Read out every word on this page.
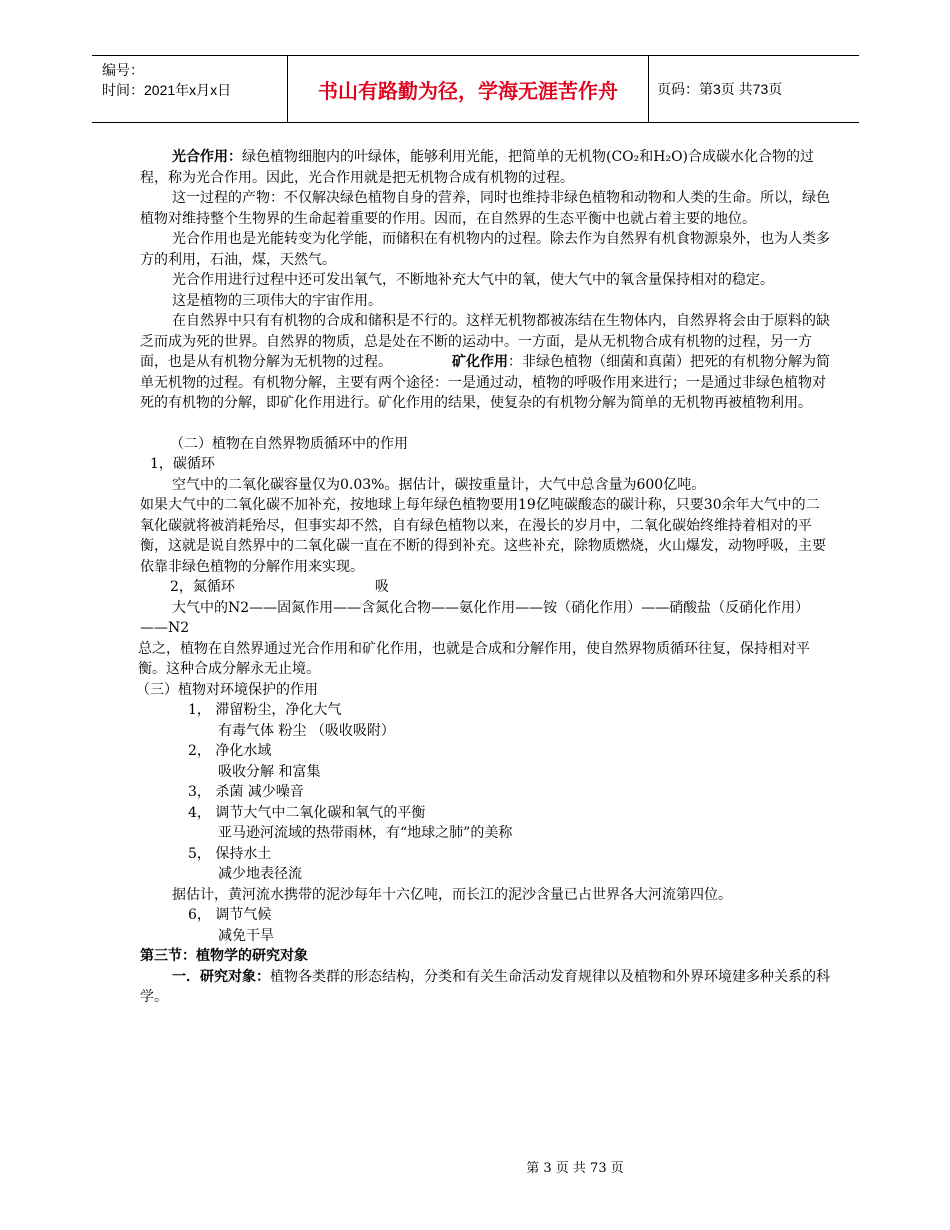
编号：
时间：2021年x月x日	书山有路勤为径，学海无涯苦作舟	页码：第3页 共73页

光合作用：绿色植物细胞内的叶绿体，能够利用光能，把简单的无机物(CO₂和H₂O)合成碳水化合物的过程，称为光合作用。因此，光合作用就是把无机物合成有机物的过程。

这一过程的产物：不仅解决绿色植物自身的营养，同时也维持非绿色植物和动物和人类的生命。所以，绿色植物对维持整个生物界的生命起着重要的作用。因而，在自然界的生态平衡中也就占着主要的地位。

光合作用也是光能转变为化学能，而储积在有机物内的过程。除去作为自然界有机食物源泉外，也为人类多方的利用，石油，煤，天然气。

光合作用进行过程中还可发出氧气，不断地补充大气中的氧，使大气中的氧含量保持相对的稳定。

这是植物的三项伟大的宇宙作用。

在自然界中只有有机物的合成和储积是不行的。这样无机物都被冻结在生物体内，自然界将会由于原料的缺乏而成为死的世界。自然界的物质，总是处在不断的运动中。一方面，是从无机物合成有机物的过程，另一方面，也是从有机物分解为无机物的过程。	矿化作用：非绿色植物（细菌和真菌）把死的有机物分解为简单无机物的过程。有机物分解，主要有两个途径：一是通过动，植物的呼吸作用来进行；一是通过非绿色植物对死的有机物的分解，即矿化作用进行。矿化作用的结果，使复杂的有机物分解为简单的无机物再被植物利用。

（二）植物在自然界物质循环中的作用

1，碳循环

空气中的二氧化碳容量仅为0.03%。据估计，碳按重量计，大气中总含量为600亿吨。

如果大气中的二氧化碳不加补充，按地球上每年绿色植物要用19亿吨碳酸态的碳计称，只要30余年大气中的二氧化碳就将被消耗殆尽，但事实却不然，自有绿色植物以来，在漫长的岁月中，二氧化碳始终维持着相对的平衡，这就是说自然界中的二氧化碳一直在不断的得到补充。这些补充，除物质燃烧，火山爆发，动物呼吸，主要依靠非绿色植物的分解作用来实现。

2，氮循环	吸

大气中的N2——固氮作用——含氮化合物——氨化作用——铵（硝化作用）——硝酸盐（反硝化作用）——N2

总之，植物在自然界通过光合作用和矿化作用，也就是合成和分解作用，使自然界物质循环往复，保持相对平衡。这种合成分解永无止境。

（三）植物对环境保护的作用

1， 滞留粉尘，净化大气

有毒气体 粉尘 （吸收吸附）

2， 净化水域

吸收分解 和富集

3， 杀菌 减少噪音

4， 调节大气中二氧化碳和氧气的平衡

亚马逊河流域的热带雨林，有“地球之肺”的美称

5， 保持水土

减少地表径流

据估计，黄河流水携带的泥沙每年十六亿吨，而长江的泥沙含量已占世界各大河流第四位。

6， 调节气候

减免干旱

第三节：植物学的研究对象

一．研究对象：植物各类群的形态结构，分类和有关生命活动发育规律以及植物和外界环境建多种关系的科学。

第 3 页 共 73 页
